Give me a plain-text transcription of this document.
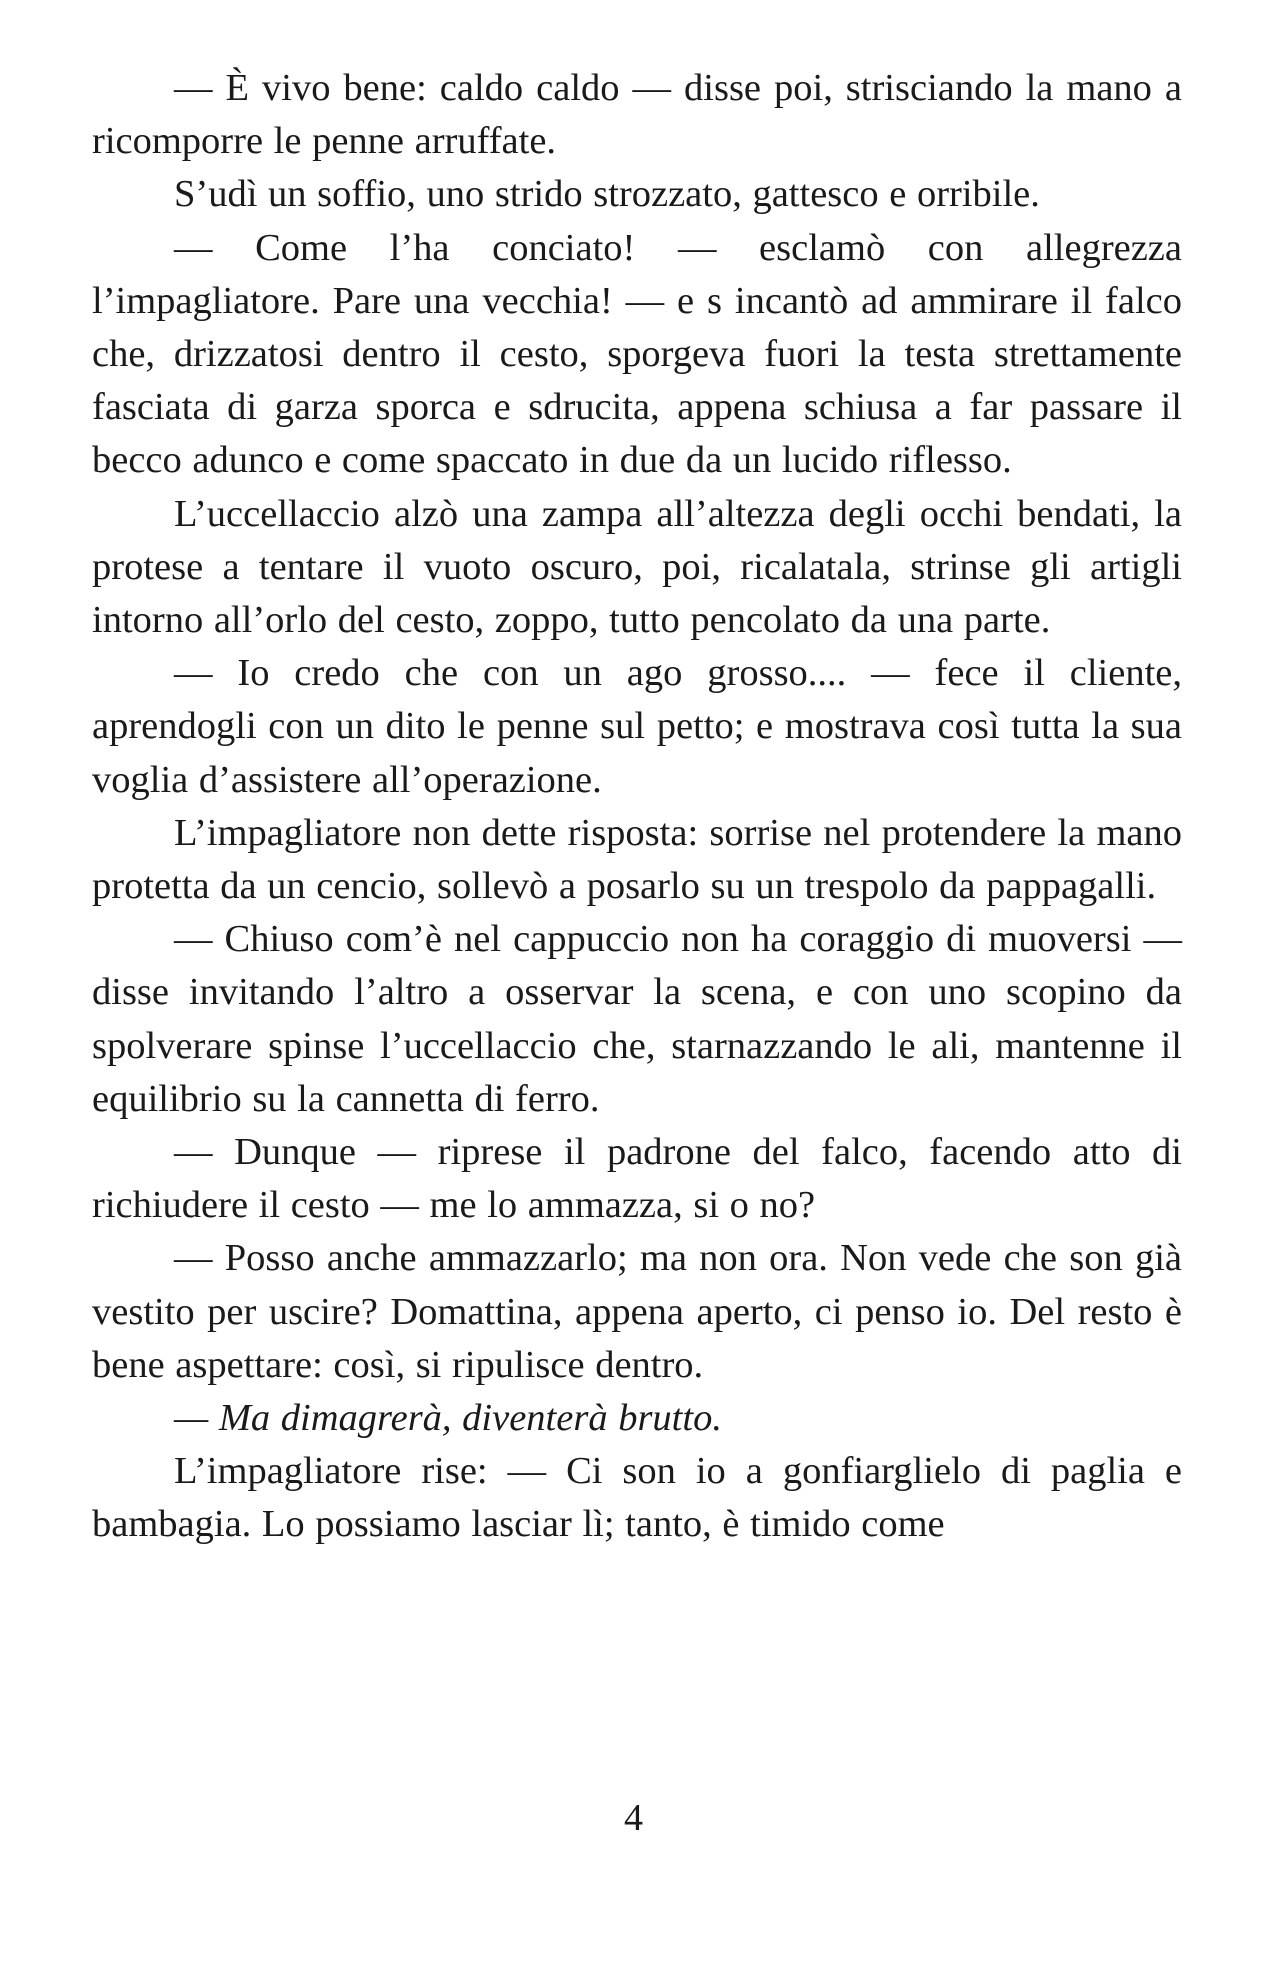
— È vivo bene: caldo caldo — disse poi, strisciando la mano a ricomporre le penne arruffate.

S’udì un soffio, uno strido strozzato, gattesco e orribile.

— Come l’ha conciato! — esclamò con allegrezza l’impagliatore. Pare una vecchia! — e s incantò ad ammirare il falco che, drizzatosi dentro il cesto, sporgeva fuori la testa strettamente fasciata di garza sporca e sdrucita, appena schiusa a far passare il becco adunco e come spaccato in due da un lucido riflesso.

L’uccellaccio alzò una zampa all’altezza degli occhi bendati, la protese a tentare il vuoto oscuro, poi, ricalatala, strinse gli artigli intorno all’orlo del cesto, zoppo, tutto pencolato da una parte.

— Io credo che con un ago grosso.... — fece il cliente, aprendogli con un dito le penne sul petto; e mostrava così tutta la sua voglia d’assistere all’operazione.

L’impagliatore non dette risposta: sorrise nel protendere la mano protetta da un cencio, sollevò a posarlo su un trespolo da pappagalli.

— Chiuso com’è nel cappuccio non ha coraggio di muoversi — disse invitando l’altro a osservar la scena, e con uno scopino da spolverare spinse l’uccellaccio che, starnazzando le ali, mantenne il equilibrio su la cannetta di ferro.

— Dunque — riprese il padrone del falco, facendo atto di richiudere il cesto — me lo ammazza, si o no?

— Posso anche ammazzarlo; ma non ora. Non vede che son già vestito per uscire? Domattina, appena aperto, ci penso io. Del resto è bene aspettare: così, si ripulisce dentro.

— Ma dimagrerà, diventerà brutto.

L’impagliatore rise: — Ci son io a gonfiarglielo di paglia e bambagia. Lo possiamo lasciar lì; tanto, è timido come

4
